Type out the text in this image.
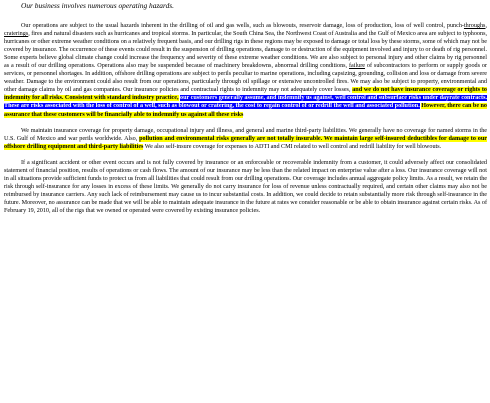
Our business involves numerous operating hazards.

Our operations are subject to the usual hazards inherent in the drilling of oil and gas wells, such as blowouts, reservoir damage, loss of production, loss of well control, punch-throughs, craterings, fires and natural disasters such as hurricanes and tropical storms. In particular, the South China Sea, the Northwest Coast of Australia and the Gulf of Mexico area are subject to typhoons, hurricanes or other extreme weather conditions on a relatively frequent basis, and our drilling rigs in these regions may be exposed to damage or total loss by these storms, some of which may not be covered by insurance. The occurrence of these events could result in the suspension of drilling operations, damage to or destruction of the equipment involved and injury to or death of rig personnel. Some experts believe global climate change could increase the frequency and severity of these extreme weather conditions. We are also subject to personal injury and other claims by rig personnel as a result of our drilling operations. Operations also may be suspended because of machinery breakdowns, abnormal drilling conditions, failure of subcontractors to perform or supply goods or services, or personnel shortages. In addition, offshore drilling operations are subject to perils peculiar to marine operations, including capsizing, grounding, collision and loss or damage from severe weather. Damage to the environment could also result from our operations, particularly through oil spillage or extensive uncontrolled fires. We may also be subject to property, environmental and other damage claims by oil and gas companies. Our insurance policies and contractual rights to indemnity may not adequately cover losses, and we do not have insurance coverage or rights to indemnity for all risks. Consistent with standard industry practice, our customers generally assume, and indemnify us against, well control and subsurface risks under dayrate contracts. These are risks associated with the loss of control of a well, such as blowout or cratering, the cost to regain control of or redrill the well and associated pollution. However, there can be no assurance that these customers will be financially able to indemnify us against all these risks

We maintain insurance coverage for property damage, occupational injury and illness, and general and marine third-party liabilities. We generally have no coverage for named storms in the U.S. Gulf of Mexico and war perils worldwide. Also, pollution and environmental risks generally are not totally insurable. We maintain large self-insured deductibles for damage to our offshore drilling equipment and third-party liabilities We also self-insure coverage for expenses to ADTI and CMI related to well control and redrill liability for well blowouts.

If a significant accident or other event occurs and is not fully covered by insurance or an enforceable or recoverable indemnity from a customer, it could adversely affect our consolidated statement of financial position, results of operations or cash flows. The amount of our insurance may be less than the related impact on enterprise value after a loss. Our insurance coverage will not in all situations provide sufficient funds to protect us from all liabilities that could result from our drilling operations. Our coverage includes annual aggregate policy limits. As a result, we retain the risk through self-insurance for any losses in excess of these limits. We generally do not carry insurance for loss of revenue unless contractually required, and certain other claims may also not be reimbursed by insurance carriers. Any such lack of reimbursement may cause us to incur substantial costs. In addition, we could decide to retain substantially more risk through self-insurance in the future. Moreover, no assurance can be made that we will be able to maintain adequate insurance in the future at rates we consider reasonable or be able to obtain insurance against certain risks. As of February 19, 2010, all of the rigs that we owned or operated were covered by existing insurance policies.
